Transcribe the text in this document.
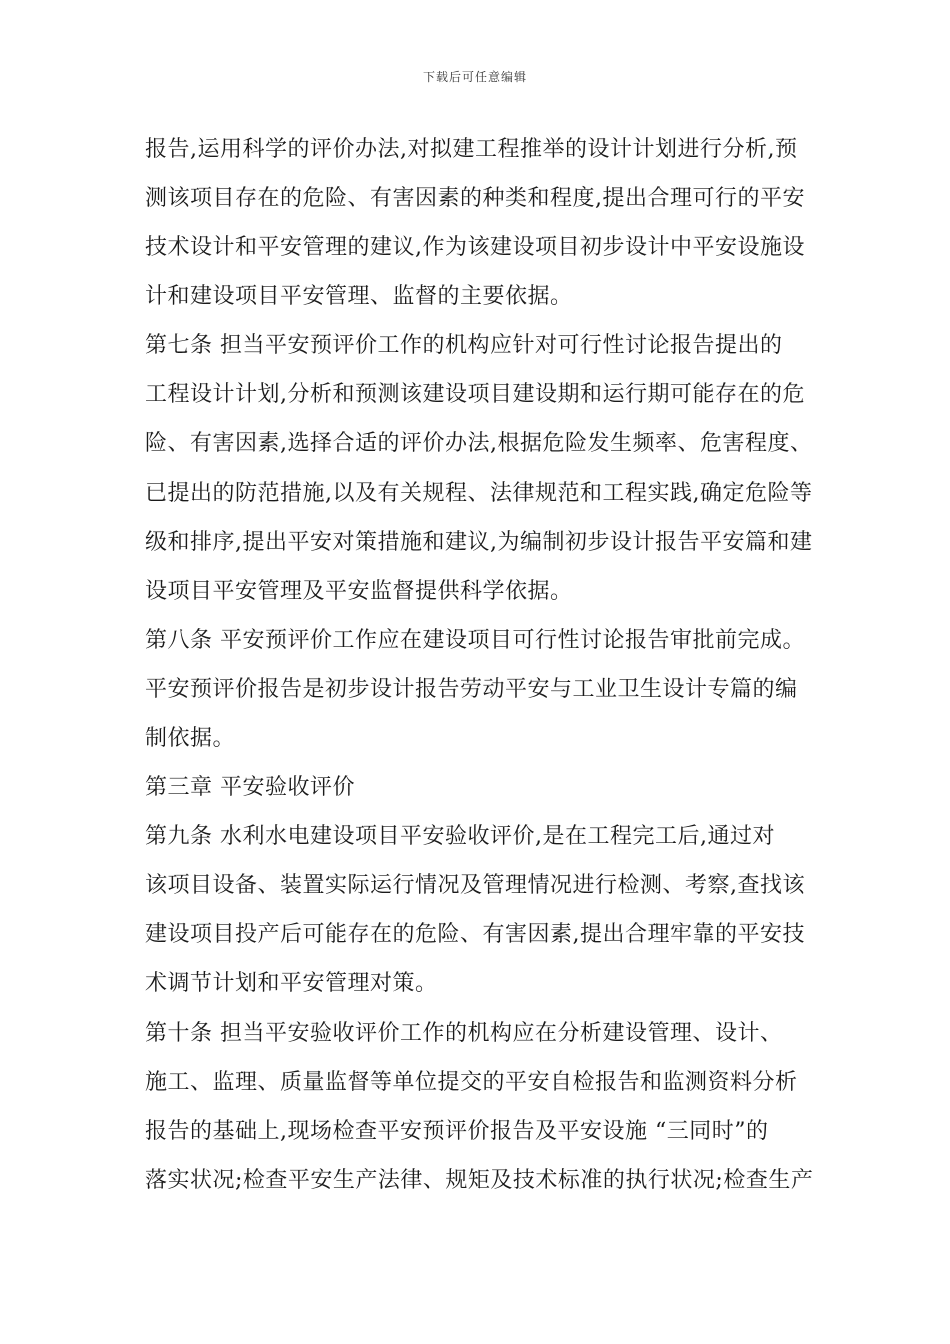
下载后可任意编辑
报告,运用科学的评价办法,对拟建工程推举的设计计划进行分析,预
测该项目存在的危险、有害因素的种类和程度,提出合理可行的平安
技术设计和平安管理的建议,作为该建设项目初步设计中平安设施设
计和建设项目平安管理、监督的主要依据。
第七条 担当平安预评价工作的机构应针对可行性讨论报告提出的
工程设计计划,分析和预测该建设项目建设期和运行期可能存在的危
险、有害因素,选择合适的评价办法,根据危险发生频率、危害程度、
已提出的防范措施,以及有关规程、法律规范和工程实践,确定危险等
级和排序,提出平安对策措施和建议,为编制初步设计报告平安篇和建
设项目平安管理及平安监督提供科学依据。
第八条 平安预评价工作应在建设项目可行性讨论报告审批前完成。
平安预评价报告是初步设计报告劳动平安与工业卫生设计专篇的编
制依据。
第三章 平安验收评价
第九条 水利水电建设项目平安验收评价,是在工程完工后,通过对
该项目设备、装置实际运行情况及管理情况进行检测、考察,查找该
建设项目投产后可能存在的危险、有害因素,提出合理牢靠的平安技
术调节计划和平安管理对策。
第十条 担当平安验收评价工作的机构应在分析建设管理、设计、
施工、监理、质量监督等单位提交的平安自检报告和监测资料分析
报告的基础上,现场检查平安预评价报告及平安设施 “三同时”的
落实状况;检查平安生产法律、规矩及技术标准的执行状况;检查生产
